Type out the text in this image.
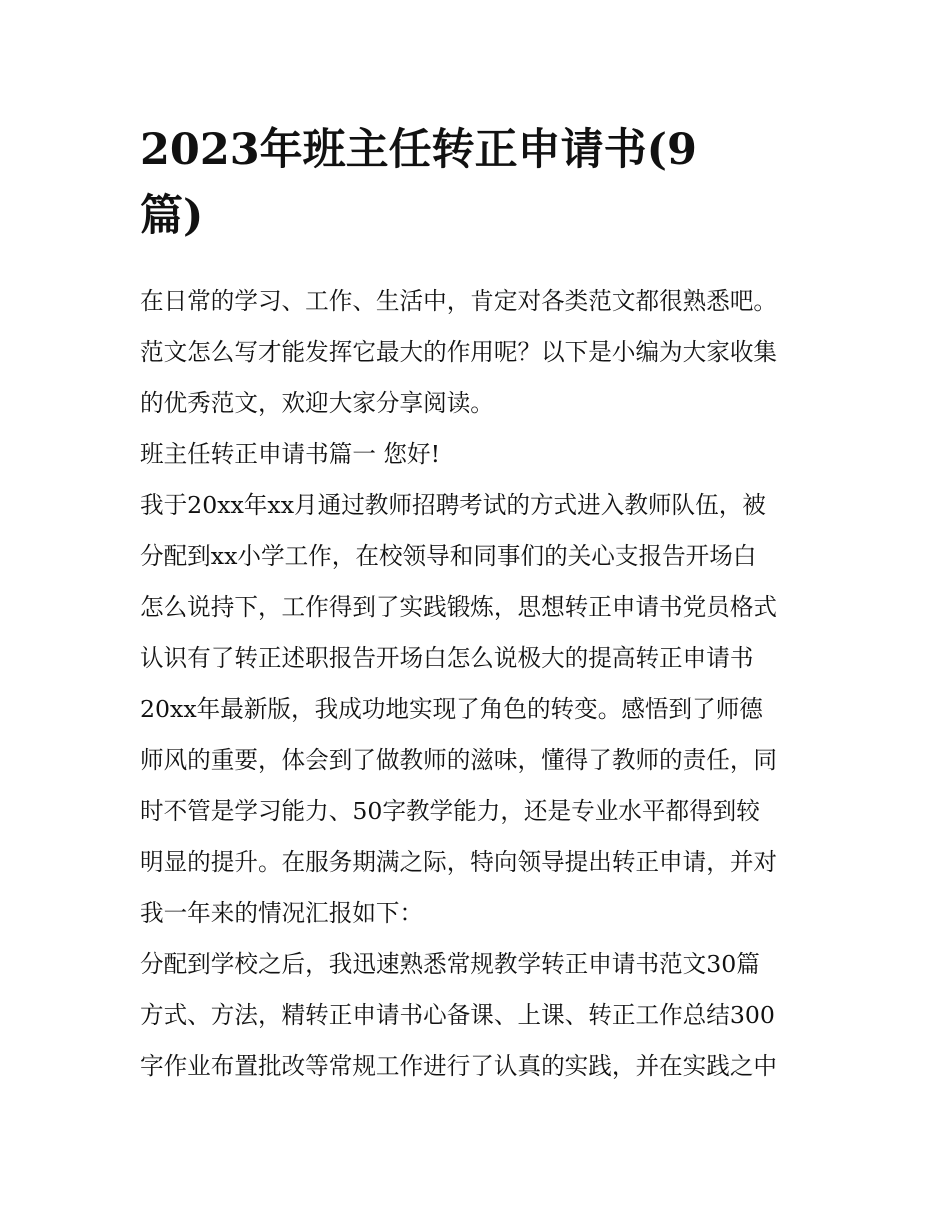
2023年班主任转正申请书(9
篇)
在日常的学习、工作、生活中，肯定对各类范文都很熟悉吧。
范文怎么写才能发挥它最大的作用呢？以下是小编为大家收集
的优秀范文，欢迎大家分享阅读。
班主任转正申请书篇一 您好!
我于20xx年xx月通过教师招聘考试的方式进入教师队伍，被
分配到xx小学工作，在校领导和同事们的关心支报告开场白
怎么说持下，工作得到了实践锻炼，思想转正申请书党员格式
认识有了转正述职报告开场白怎么说极大的提高转正申请书
20xx年最新版，我成功地实现了角色的转变。感悟到了师德
师风的重要，体会到了做教师的滋味，懂得了教师的责任，同
时不管是学习能力、50字教学能力，还是专业水平都得到较
明显的提升。在服务期满之际，特向领导提出转正申请，并对
我一年来的情况汇报如下：
分配到学校之后，我迅速熟悉常规教学转正申请书范文30篇
方式、方法，精转正申请书心备课、上课、转正工作总结300
字作业布置批改等常规工作进行了认真的实践，并在实践之中
